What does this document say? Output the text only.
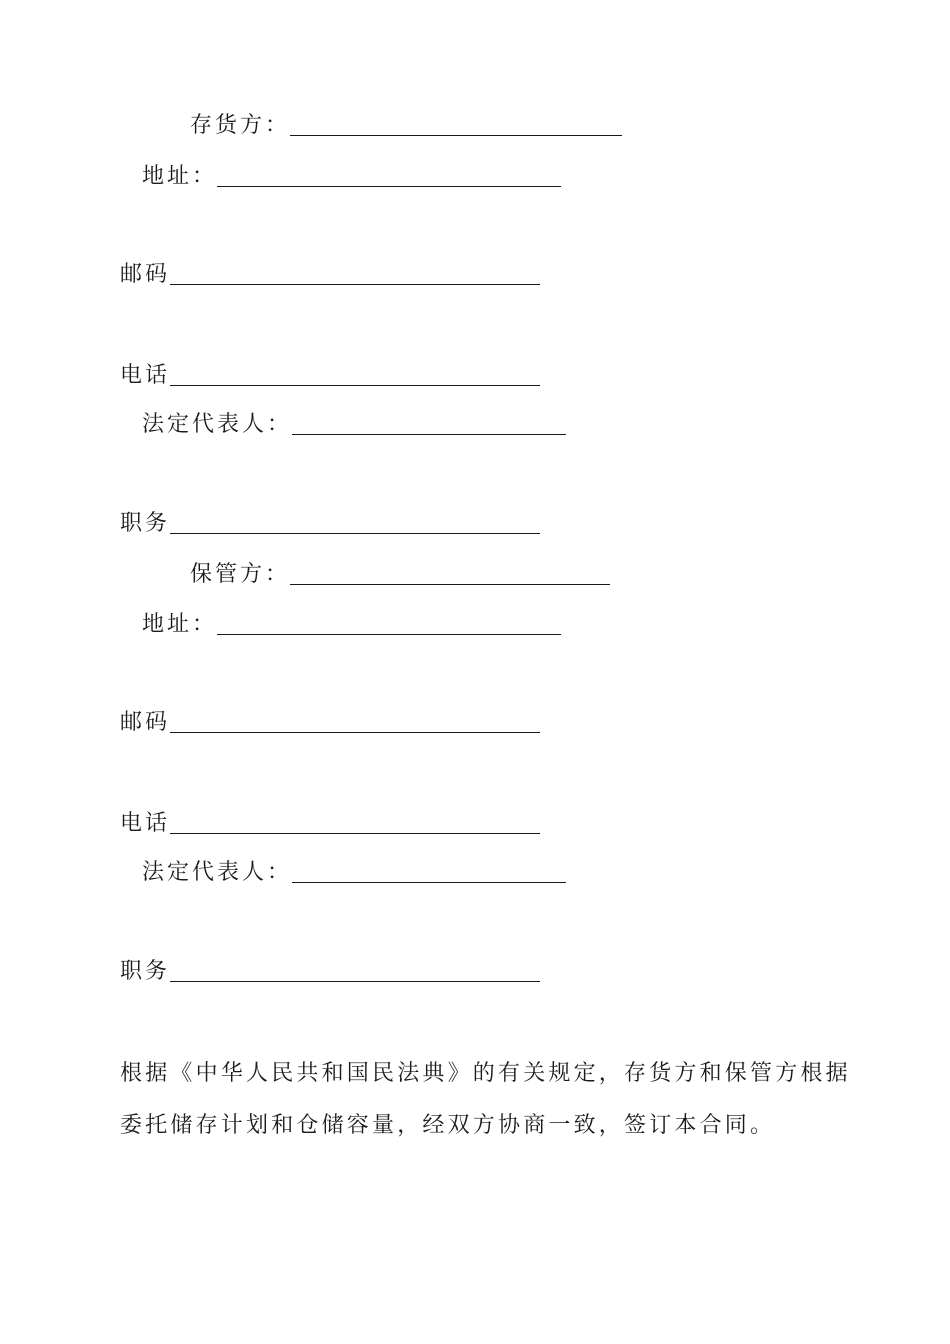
存货方：
地址：
邮码
电话
法定代表人：
职务
保管方：
地址：
邮码
电话
法定代表人：
职务
根据《中华人民共和国民法典》的有关规定，存货方和保管方根据
委托储存计划和仓储容量，经双方协商一致，签订本合同。
